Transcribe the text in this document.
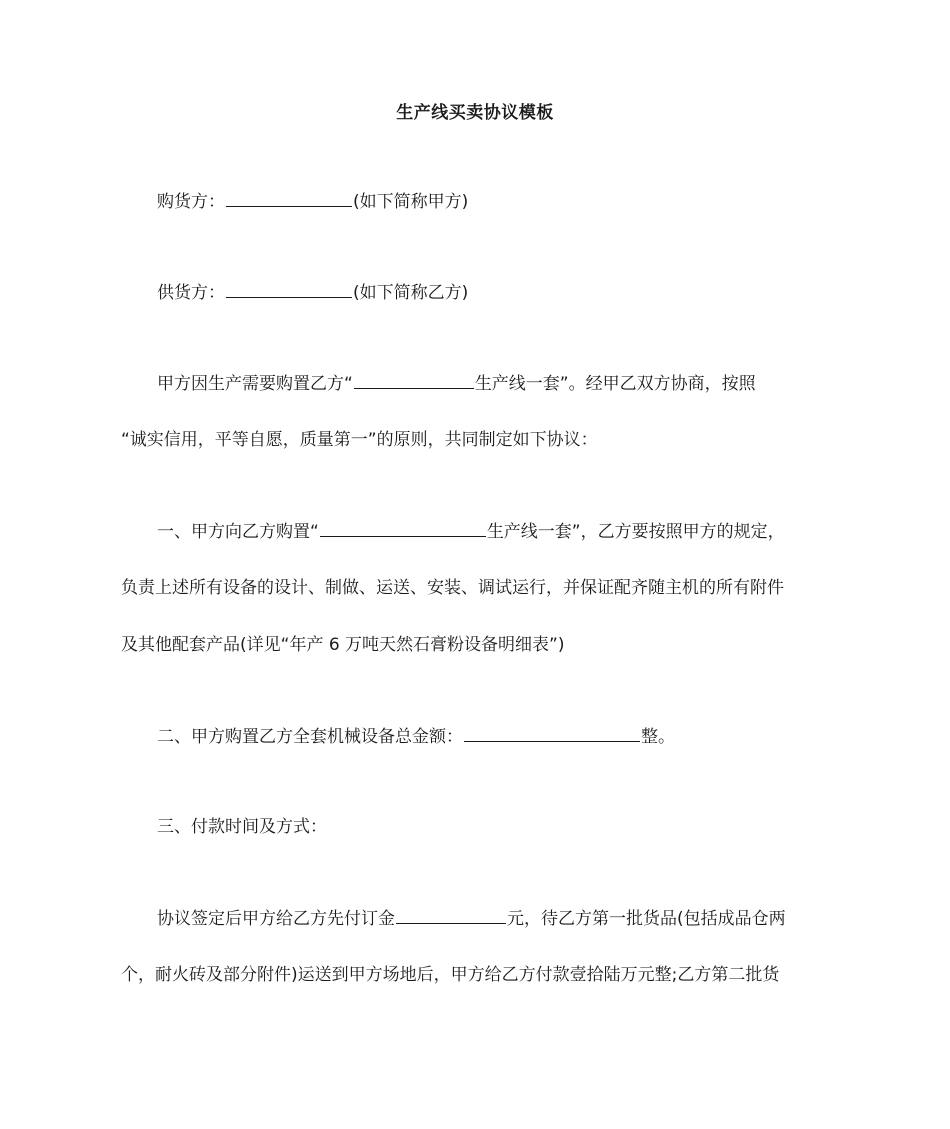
生产线买卖协议模板
购货方：	(如下简称甲方)
供货方：	(如下简称乙方)
甲方因生产需要购置乙方“	生产线一套”。经甲乙双方协商，按照
“诚实信用，平等自愿，质量第一”的原则，共同制定如下协议：
一、甲方向乙方购置“	生产线一套”，乙方要按照甲方的规定，
负责上述所有设备的设计、制做、运送、安装、调试运行，并保证配齐随主机的所有附件
及其他配套产品(详见“年产 6 万吨天然石膏粉设备明细表”)
二、甲方购置乙方全套机械设备总金额：	整。
三、付款时间及方式：
协议签定后甲方给乙方先付订金	元，待乙方第一批货品(包括成品仓两
个，耐火砖及部分附件)运送到甲方场地后，甲方给乙方付款壹拾陆万元整;乙方第二批货
